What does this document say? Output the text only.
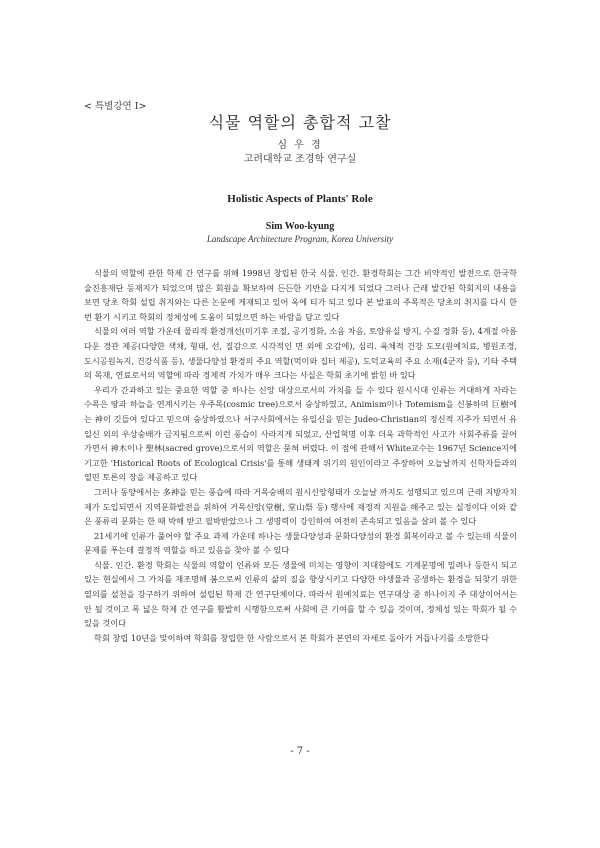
< 특별강연 Ⅰ>
식물 역할의 총합적 고찰
심 우 경
고려대학교 조경학 연구실
Holistic Aspects of Plants' Role
Sim Woo-kyung
Landscape Architecture Program, Korea University

식물의 역할에 관한 학제 간 연구를 위해 1998년 창립된 한국 식물. 인간. 환경학회는 그간 비약적인 발전으로 한국학술진흥재단 등재지가 되었으며 많은 회원을 확보하여 든든한 기반을 다지게 되었다 그러나 근래 발간된 학회지의 내용을 보면 당초 학회 설립 취지와는 다른 논문에 게재되고 있어 옥에 티가 되고 있다 본 발표의 주목적은 당초의 취지를 다시 한번 환기 시키고 학회의 정체성에 도움이 되었으면 하는 바람을 담고 있다

식물의 여러 역할 가운데 물리적 환경개선(미기후 조절, 공기정화, 소음 차음, 토양유실 방지, 수질 정화 등), 4계절 아름다운 경관 제공(다양한 색채, 형태, 선, 질감으로 시각적인 면 외에 오감에), 심리. 육체적 건강 도모(원예치료, 병원조경, 도시공원녹지, 건강식품 등), 생물다양성 환경의 주요 역할(먹이와 집터 제공), 도덕교육의 주요 소재(4군자 등), 기타 주택의 목재, 연료로서의 역할에 따라 경제적 가치가 매우 크다는 사실은 학회 초기에 밝힌 바 있다

우리가 간과하고 있는 중요한 역할 중 하나는 신앙 대상으로서의 가치를 들 수 있다 원시시대 인류는 거대하게 자라는 수목은 땅과 하늘을 연계시키는 우주목(cosmic tree)으로서 숭상하였고, Animism이나 Totemism을 신봉하며 巨樹에는 神이 깃들여 있다고 믿으며 숭상하였으나 서구사회에서는 유일신을 믿는 Judeo-Christian의 정신적 지주가 되면서 유일신 외의 우상숭배가 금지됨으로써 이런 풍습이 사라지게 되었고, 산업혁명 이후 더욱 과학적인 사고가 사회주류를 끌어가면서 神木이나 聖林(sacred grove)으로서의 역할은 묻혀 버렸다. 이 점에 관해서 White교수는 1967년 Science지에 기고한 'Historical Roots of Ecological Crisis'를 통해 생태계 위기의 원인이라고 주장하여 오늘날까지 신학자들과의 열띤 토론의 장을 제공하고 있다

그러나 동양에서는 多神을 믿는 풍습에 따라 거목숭배의 원시신앙형태가 오늘날 까지도 성행되고 있으며 근래 지방자치제가 도입되면서 지역문화발전을 위하여 거목신앙(堂樹, 堂山祭 등) 행사에 재정적 지원을 해주고 있는 실정이다 이와 같은 풍류리 문화는 한 때 박해 받고 필박받았으나 그 생명력이 강인하여 여전히 존속되고 있음을 살펴 볼 수 있다

21세기에 인류가 풀어야 할 주요 과제 가운데 하나는 생물다양성과 문화다양성의 환경 회복이라고 볼 수 있는데 식물이 문제를 푸는데 결정적 역할을 하고 있음을 찾아 볼 수 있다

식물. 인간. 환경 학회는 식물의 역할이 인류와 모든 생물에 미치는 영향이 지대함에도 기계문명에 밀려나 등한시 되고 있는 현실에서 그 가치를 재조명해 봄으로써 인류의 삶의 질을 향상시키고 다양한 야생물과 공생하는 환경을 되찾기 위한 열의를 설천을 강구하기 위하여 설립된 학제 간 연구단체이다. 따라서 원예치료는 연구대상 중 하나이지 주 대상이어서는 안 될 것이고 폭 넓은 학제 간 연구를 활발히 시행함으로써 사회에 큰 기여를 할 수 있을 것이며, 정체성 있는 학회가 될 수 있을 것이다

학회 창립 10년을 맞이하여 학회를 창립한 한 사람으로서 본 학회가 본연의 자세로 돌아가 거듭나기를 소망한다

- 7 -
